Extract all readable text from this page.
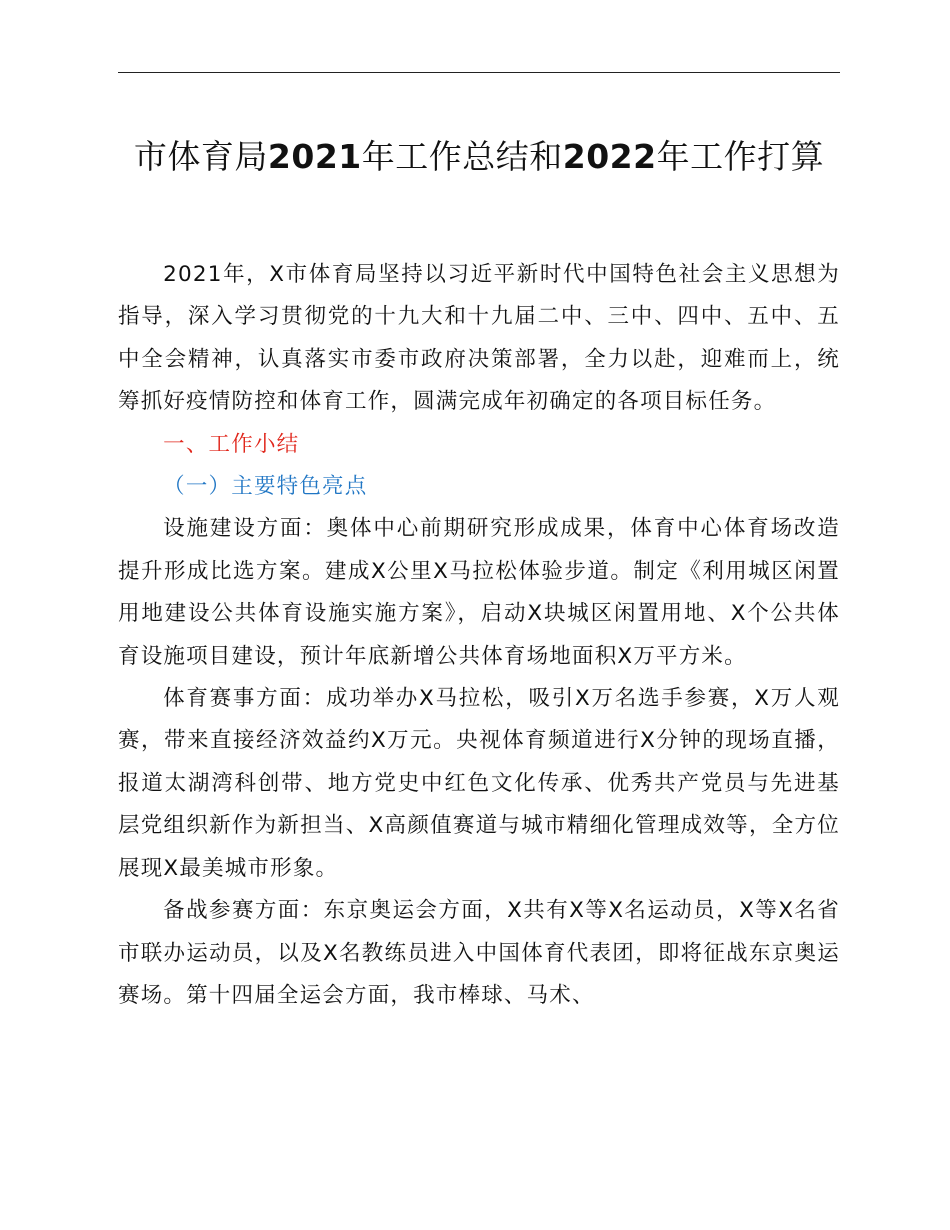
市体育局2021年工作总结和2022年工作打算

2021年，X市体育局坚持以习近平新时代中国特色社会主义思想为指导，深入学习贯彻党的十九大和十九届二中、三中、四中、五中、五中全会精神，认真落实市委市政府决策部署，全力以赴，迎难而上，统筹抓好疫情防控和体育工作，圆满完成年初确定的各项目标任务。

一、工作小结

（一）主要特色亮点

设施建设方面：奥体中心前期研究形成成果，体育中心体育场改造提升形成比选方案。建成X公里X马拉松体验步道。制定《利用城区闲置用地建设公共体育设施实施方案》，启动X块城区闲置用地、X个公共体育设施项目建设，预计年底新增公共体育场地面积X万平方米。

体育赛事方面：成功举办X马拉松，吸引X万名选手参赛，X万人观赛，带来直接经济效益约X万元。央视体育频道进行X分钟的现场直播，报道太湖湾科创带、地方党史中红色文化传承、优秀共产党员与先进基层党组织新作为新担当、X高颜值赛道与城市精细化管理成效等，全方位展现X最美城市形象。

备战参赛方面：东京奥运会方面，X共有X等X名运动员，X等X名省市联办运动员，以及X名教练员进入中国体育代表团，即将征战东京奥运赛场。第十四届全运会方面，我市棒球、马术、
